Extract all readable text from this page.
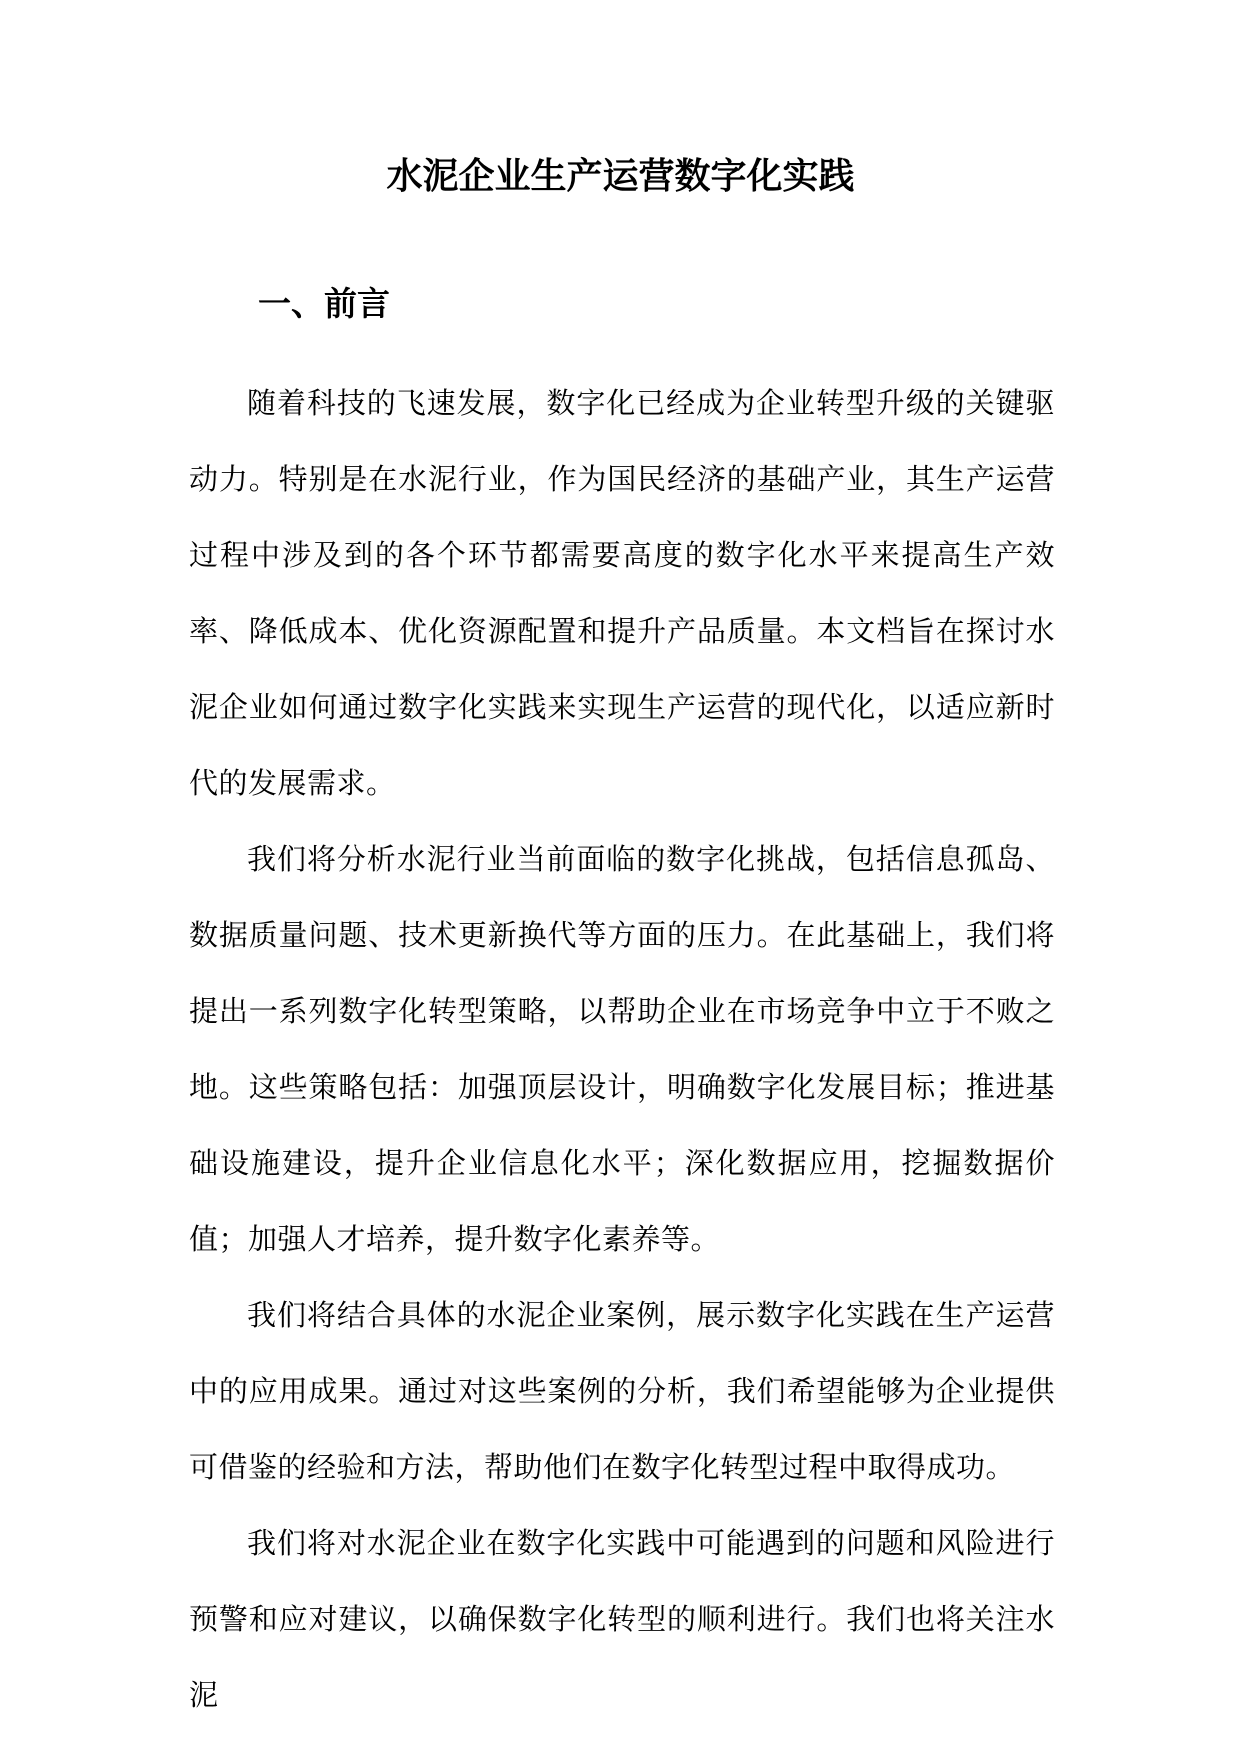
水泥企业生产运营数字化实践
一、前言

随着科技的飞速发展，数字化已经成为企业转型升级的关键驱动力。特别是在水泥行业，作为国民经济的基础产业，其生产运营过程中涉及到的各个环节都需要高度的数字化水平来提高生产效率、降低成本、优化资源配置和提升产品质量。本文档旨在探讨水泥企业如何通过数字化实践来实现生产运营的现代化，以适应新时代的发展需求。

我们将分析水泥行业当前面临的数字化挑战，包括信息孤岛、数据质量问题、技术更新换代等方面的压力。在此基础上，我们将提出一系列数字化转型策略，以帮助企业在市场竞争中立于不败之地。这些策略包括：加强顶层设计，明确数字化发展目标；推进基础设施建设，提升企业信息化水平；深化数据应用，挖掘数据价值；加强人才培养，提升数字化素养等。

我们将结合具体的水泥企业案例，展示数字化实践在生产运营中的应用成果。通过对这些案例的分析，我们希望能够为企业提供可借鉴的经验和方法，帮助他们在数字化转型过程中取得成功。

我们将对水泥企业在数字化实践中可能遇到的问题和风险进行预警和应对建议，以确保数字化转型的顺利进行。我们也将关注水泥
